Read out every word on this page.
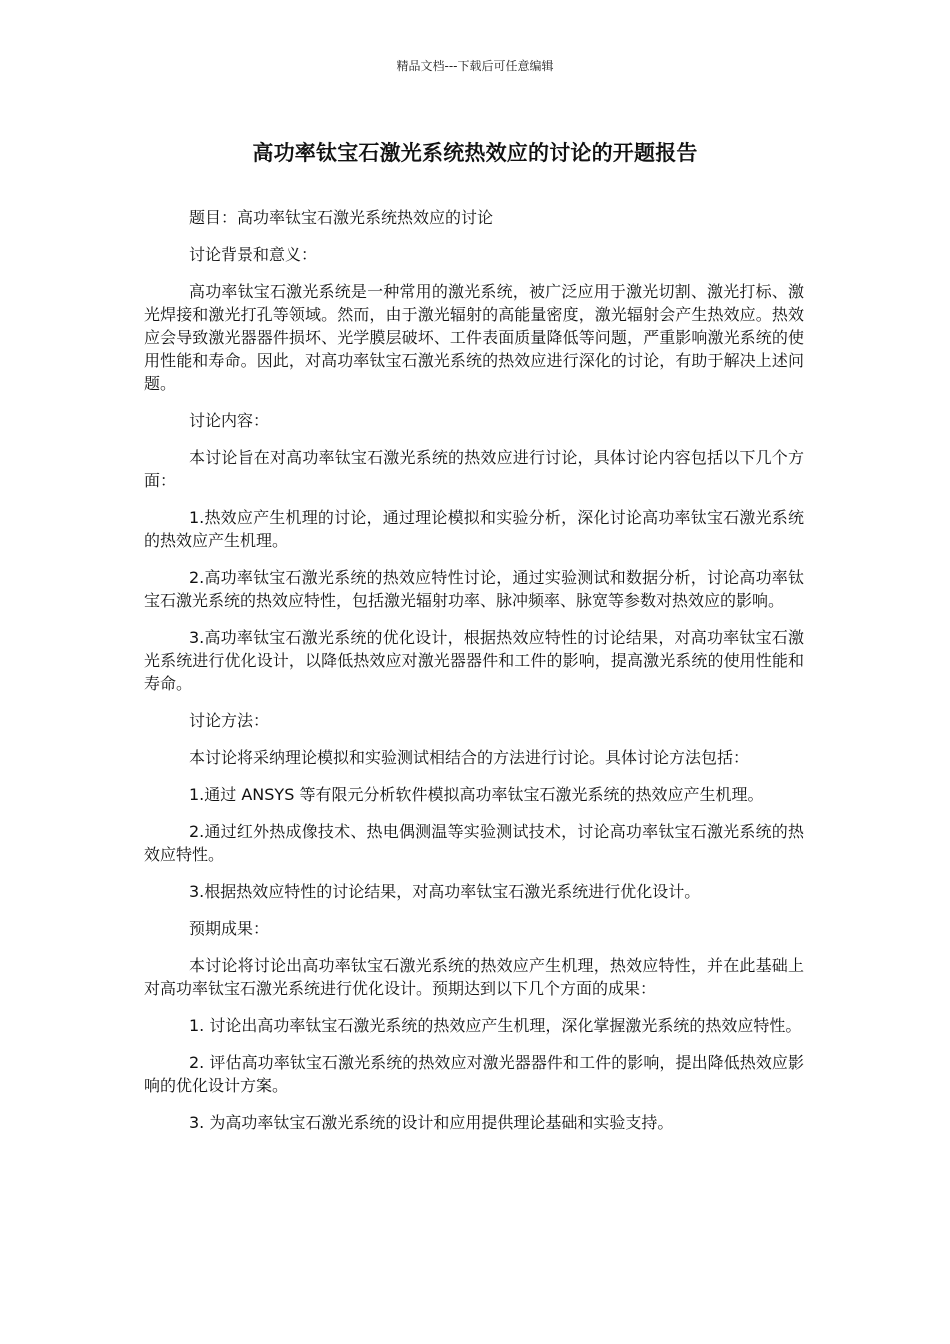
精品文档---下载后可任意编辑
高功率钛宝石激光系统热效应的讨论的开题报告

题目：高功率钛宝石激光系统热效应的讨论

讨论背景和意义：

高功率钛宝石激光系统是一种常用的激光系统，被广泛应用于激光切割、激光打标、激光焊接和激光打孔等领域。然而，由于激光辐射的高能量密度，激光辐射会产生热效应。热效应会导致激光器器件损坏、光学膜层破坏、工件表面质量降低等问题，严重影响激光系统的使用性能和寿命。因此，对高功率钛宝石激光系统的热效应进行深化的讨论，有助于解决上述问题。

讨论内容：

本讨论旨在对高功率钛宝石激光系统的热效应进行讨论，具体讨论内容包括以下几个方面：

1.热效应产生机理的讨论，通过理论模拟和实验分析，深化讨论高功率钛宝石激光系统的热效应产生机理。

2.高功率钛宝石激光系统的热效应特性讨论，通过实验测试和数据分析，讨论高功率钛宝石激光系统的热效应特性，包括激光辐射功率、脉冲频率、脉宽等参数对热效应的影响。

3.高功率钛宝石激光系统的优化设计，根据热效应特性的讨论结果，对高功率钛宝石激光系统进行优化设计，以降低热效应对激光器器件和工件的影响，提高激光系统的使用性能和寿命。

讨论方法：

本讨论将采纳理论模拟和实验测试相结合的方法进行讨论。具体讨论方法包括：

1.通过 ANSYS 等有限元分析软件模拟高功率钛宝石激光系统的热效应产生机理。

2.通过红外热成像技术、热电偶测温等实验测试技术，讨论高功率钛宝石激光系统的热效应特性。

3.根据热效应特性的讨论结果，对高功率钛宝石激光系统进行优化设计。

预期成果：

本讨论将讨论出高功率钛宝石激光系统的热效应产生机理，热效应特性，并在此基础上对高功率钛宝石激光系统进行优化设计。预期达到以下几个方面的成果：

1. 讨论出高功率钛宝石激光系统的热效应产生机理，深化掌握激光系统的热效应特性。

2. 评估高功率钛宝石激光系统的热效应对激光器器件和工件的影响，提出降低热效应影响的优化设计方案。

3. 为高功率钛宝石激光系统的设计和应用提供理论基础和实验支持。
